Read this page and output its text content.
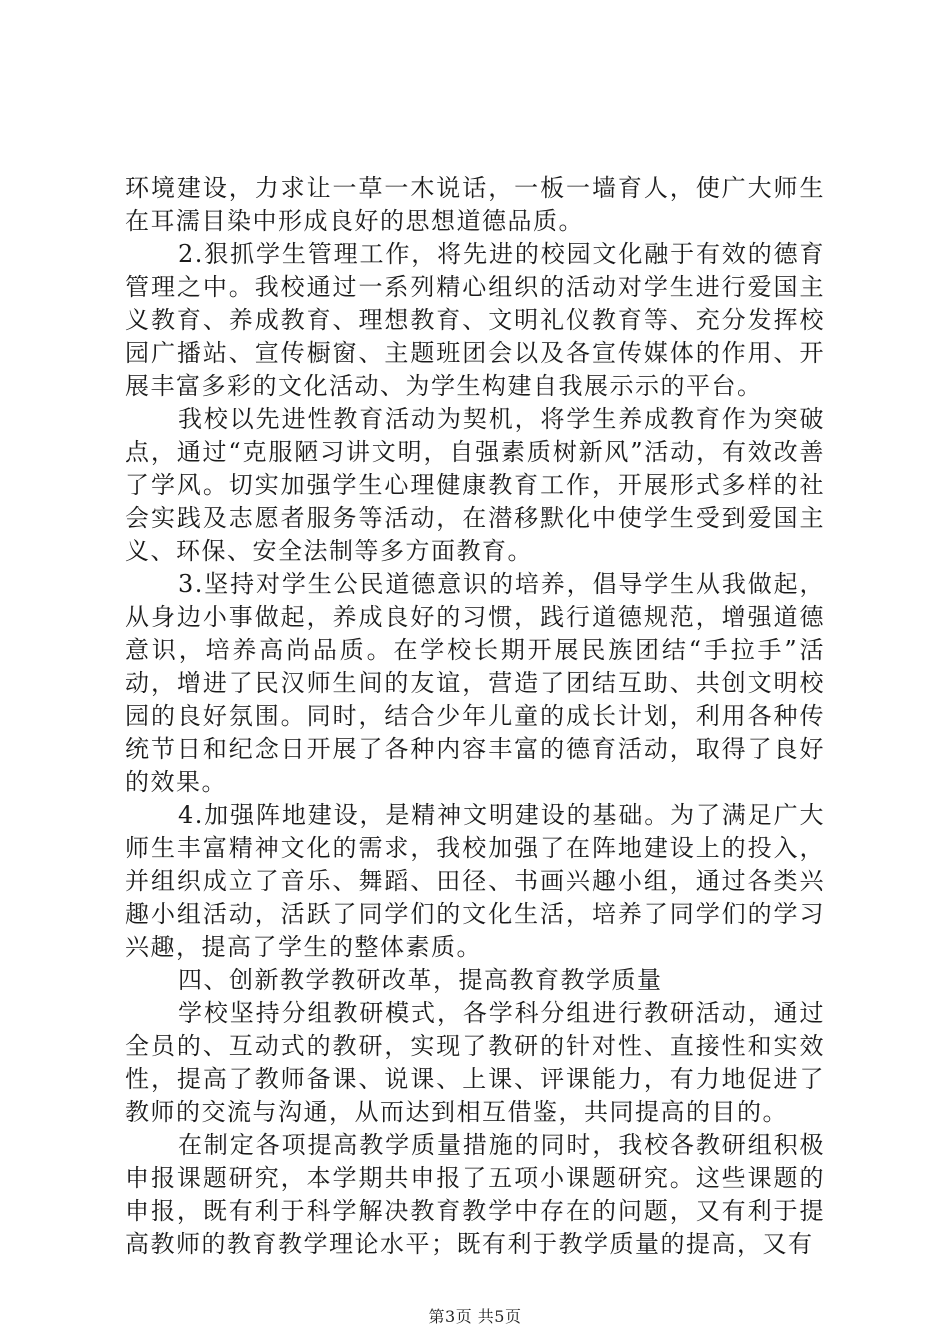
环境建设，力求让一草一木说话，一板一墙育人，使广大师生在耳濡目染中形成良好的思想道德品质。

2.狠抓学生管理工作，将先进的校园文化融于有效的德育管理之中。我校通过一系列精心组织的活动对学生进行爱国主义教育、养成教育、理想教育、文明礼仪教育等、充分发挥校园广播站、宣传橱窗、主题班团会以及各宣传媒体的作用、开展丰富多彩的文化活动、为学生构建自我展示示的平台。

我校以先进性教育活动为契机，将学生养成教育作为突破点，通过“克服陋习讲文明，自强素质树新风”活动，有效改善了学风。切实加强学生心理健康教育工作，开展形式多样的社会实践及志愿者服务等活动，在潜移默化中使学生受到爱国主义、环保、安全法制等多方面教育。

3.坚持对学生公民道德意识的培养，倡导学生从我做起，从身边小事做起，养成良好的习惯，践行道德规范，增强道德意识，培养高尚品质。在学校长期开展民族团结“手拉手”活动，增进了民汉师生间的友谊，营造了团结互助、共创文明校园的良好氛围。同时，结合少年儿童的成长计划，利用各种传统节日和纪念日开展了各种内容丰富的德育活动，取得了良好的效果。

4.加强阵地建设，是精神文明建设的基础。为了满足广大师生丰富精神文化的需求，我校加强了在阵地建设上的投入，并组织成立了音乐、舞蹈、田径、书画兴趣小组，通过各类兴趣小组活动，活跃了同学们的文化生活，培养了同学们的学习兴趣，提高了学生的整体素质。

四、创新教学教研改革，提高教育教学质量

学校坚持分组教研模式，各学科分组进行教研活动，通过全员的、互动式的教研，实现了教研的针对性、直接性和实效性，提高了教师备课、说课、上课、评课能力，有力地促进了教师的交流与沟通，从而达到相互借鉴，共同提高的目的。

在制定各项提高教学质量措施的同时，我校各教研组积极申报课题研究，本学期共申报了五项小课题研究。这些课题的申报，既有利于科学解决教育教学中存在的问题，又有利于提高教师的教育教学理论水平；既有利于教学质量的提高，又有

第3页 共5页
